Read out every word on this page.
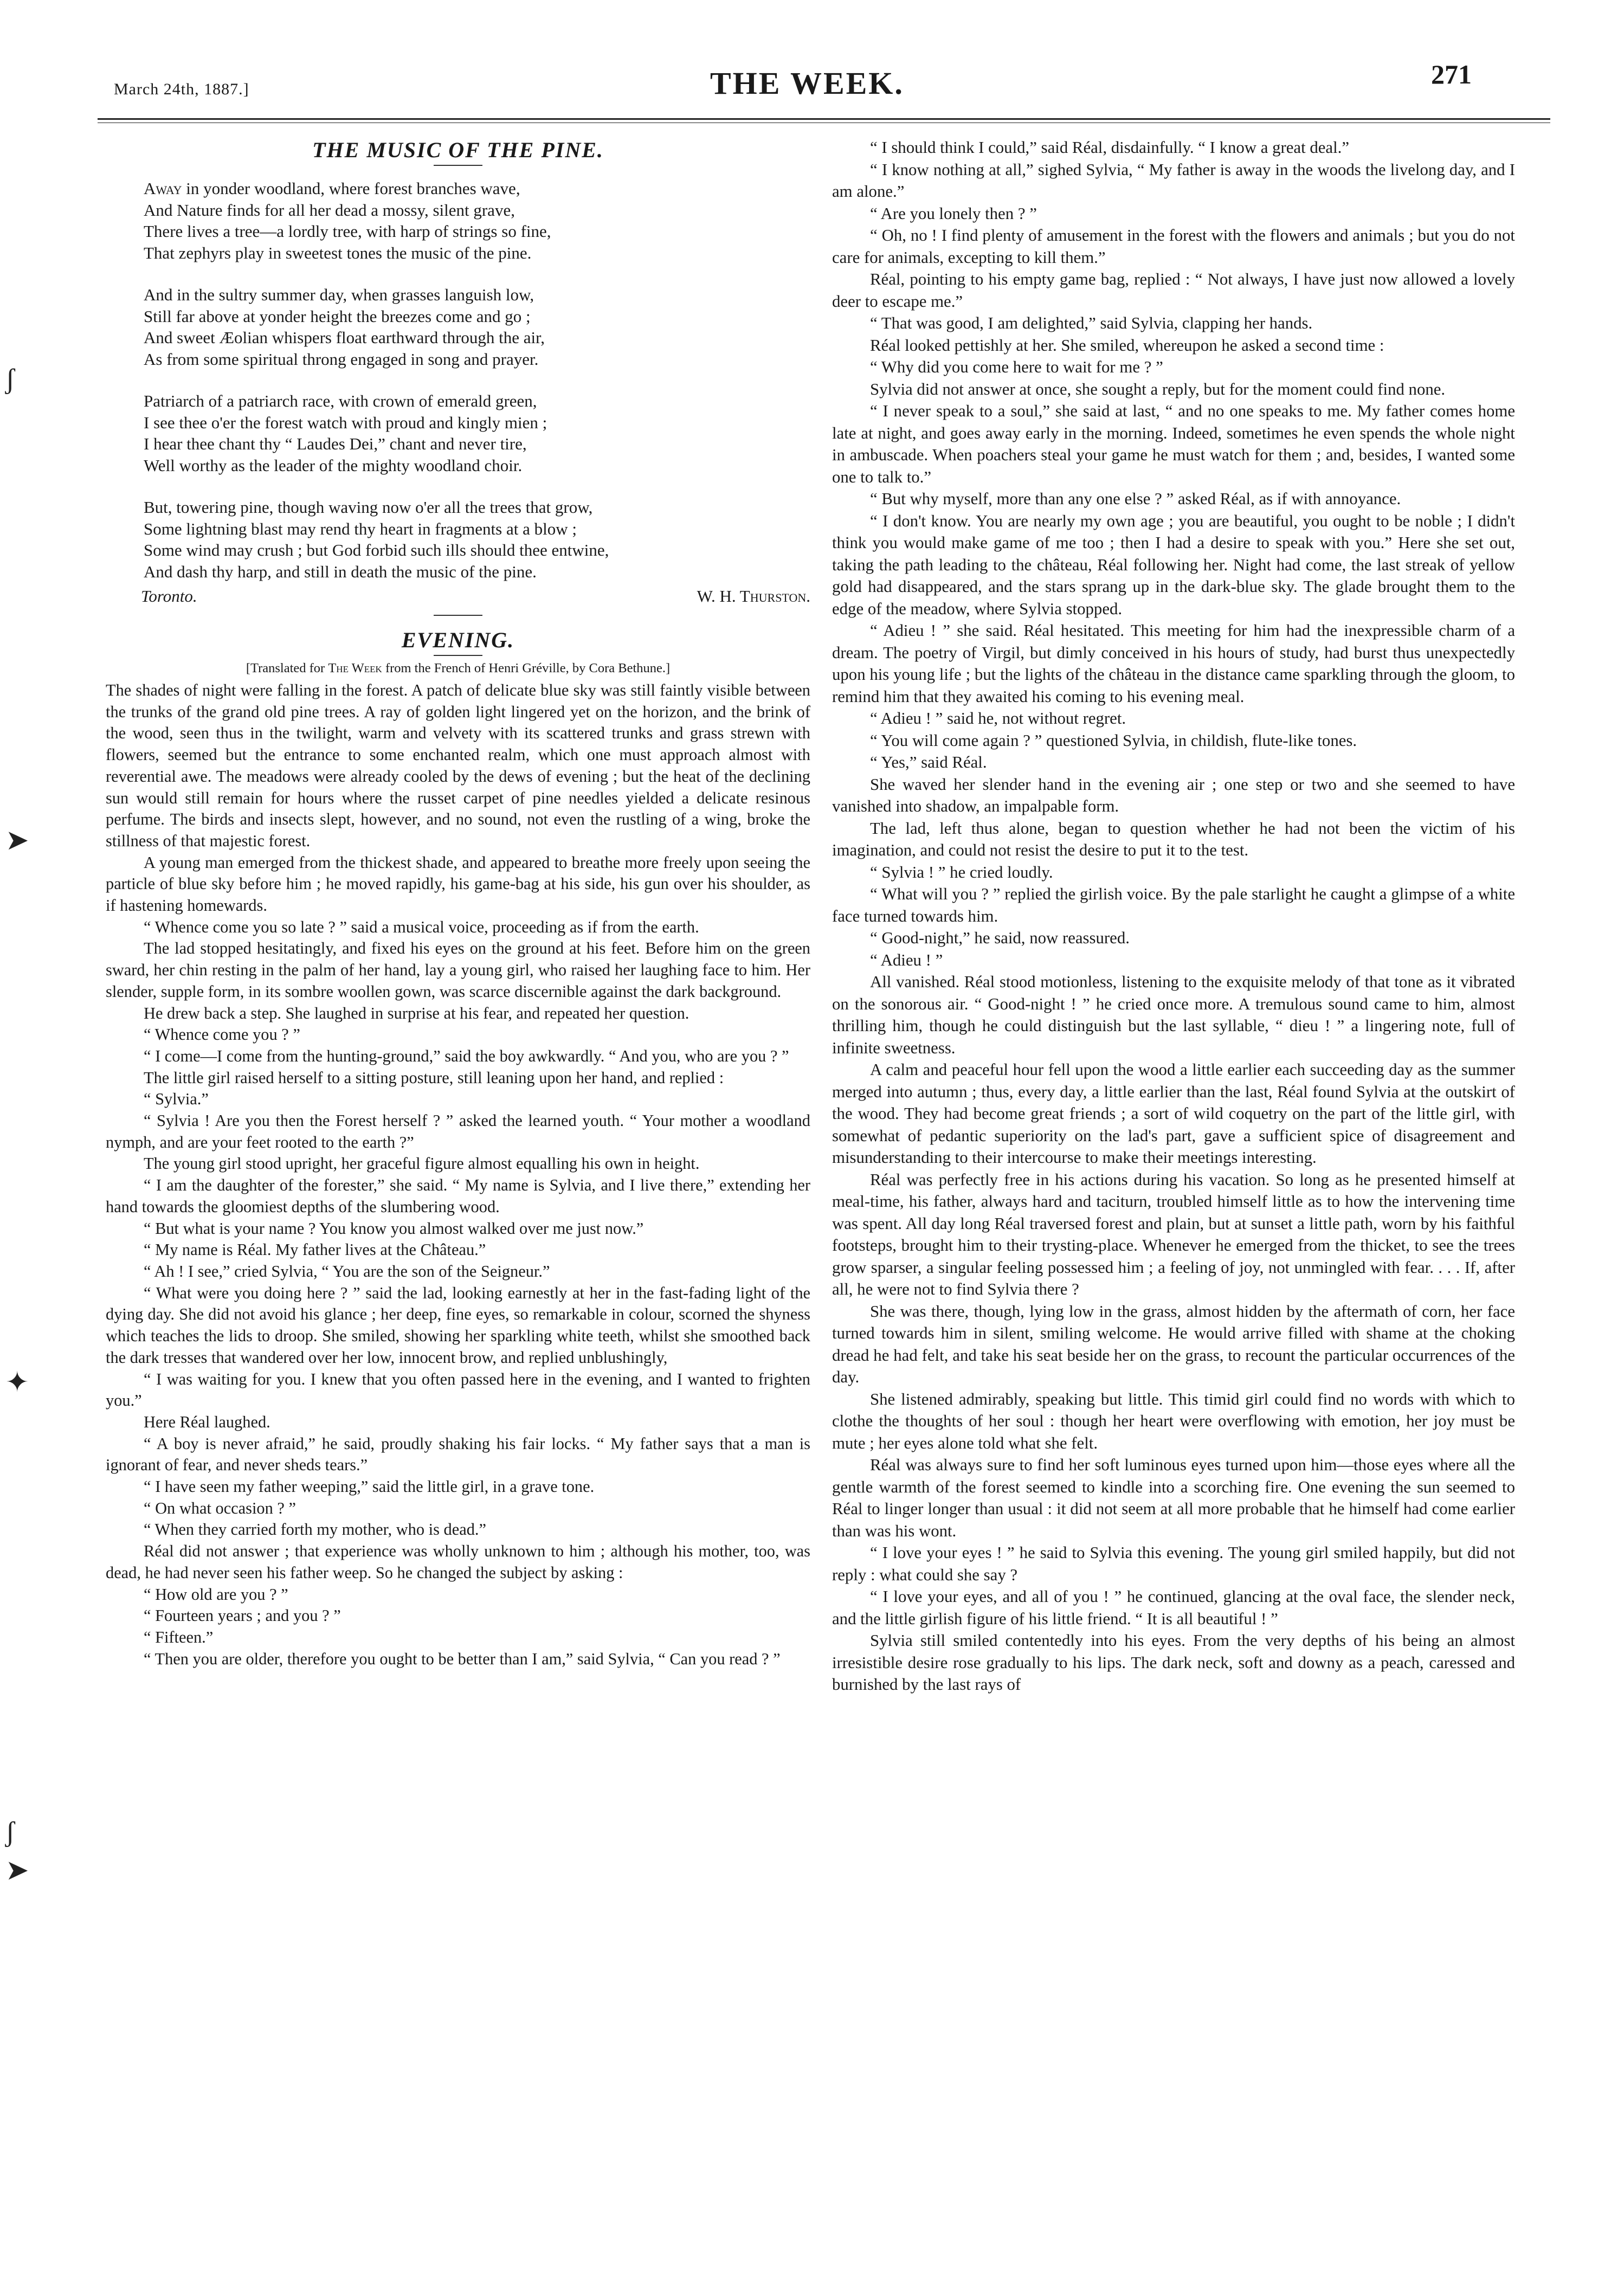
March 24th, 1887.]	THE WEEK.	271
ʃ
➤
✦
ʃ
➤
THE MUSIC OF THE PINE.
Away in yonder woodland, where forest branches wave,
And Nature finds for all her dead a mossy, silent grave,
There lives a tree—a lordly tree, with harp of strings so fine,
That zephyrs play in sweetest tones the music of the pine.
And in the sultry summer day, when grasses languish low,
Still far above at yonder height the breezes come and go ;
And sweet Æolian whispers float earthward through the air,
As from some spiritual throng engaged in song and prayer.
Patriarch of a patriarch race, with crown of emerald green,
I see thee o'er the forest watch with proud and kingly mien ;
I hear thee chant thy “ Laudes Dei,” chant and never tire,
Well worthy as the leader of the mighty woodland choir.
But, towering pine, though waving now o'er all the trees that grow,
Some lightning blast may rend thy heart in fragments at a blow ;
Some wind may crush ; but God forbid such ills should thee entwine,
And dash thy harp, and still in death the music of the pine.
Toronto.	W. H. Thurston.
EVENING.
[Translated for The Week from the French of Henri Gréville, by Cora Bethune.]

The shades of night were falling in the forest. A patch of delicate blue sky was still faintly visible between the trunks of the grand old pine trees. A ray of golden light lingered yet on the horizon, and the brink of the wood, seen thus in the twilight, warm and velvety with its scattered trunks and grass strewn with flowers, seemed but the entrance to some enchanted realm, which one must approach almost with reverential awe. The meadows were already cooled by the dews of evening ; but the heat of the declining sun would still remain for hours where the russet carpet of pine needles yielded a delicate resinous perfume. The birds and insects slept, however, and no sound, not even the rustling of a wing, broke the stillness of that majestic forest.

A young man emerged from the thickest shade, and appeared to breathe more freely upon seeing the particle of blue sky before him ; he moved rapidly, his game-bag at his side, his gun over his shoulder, as if hastening homewards.

“ Whence come you so late ? ” said a musical voice, proceeding as if from the earth.

The lad stopped hesitatingly, and fixed his eyes on the ground at his feet. Before him on the green sward, her chin resting in the palm of her hand, lay a young girl, who raised her laughing face to him. Her slender, supple form, in its sombre woollen gown, was scarce discernible against the dark background.

He drew back a step. She laughed in surprise at his fear, and repeated her question.

“ Whence come you ? ”

“ I come—I come from the hunting-ground,” said the boy awkwardly. “ And you, who are you ? ”

The little girl raised herself to a sitting posture, still leaning upon her hand, and replied :

“ Sylvia.”

“ Sylvia ! Are you then the Forest herself ? ” asked the learned youth. “ Your mother a woodland nymph, and are your feet rooted to the earth ?”

The young girl stood upright, her graceful figure almost equalling his own in height.

“ I am the daughter of the forester,” she said. “ My name is Sylvia, and I live there,” extending her hand towards the gloomiest depths of the slumbering wood.

“ But what is your name ? You know you almost walked over me just now.”

“ My name is Réal. My father lives at the Château.”

“ Ah ! I see,” cried Sylvia, “ You are the son of the Seigneur.”

“ What were you doing here ? ” said the lad, looking earnestly at her in the fast-fading light of the dying day. She did not avoid his glance ; her deep, fine eyes, so remarkable in colour, scorned the shyness which teaches the lids to droop. She smiled, showing her sparkling white teeth, whilst she smoothed back the dark tresses that wandered over her low, innocent brow, and replied unblushingly,

“ I was waiting for you. I knew that you often passed here in the evening, and I wanted to frighten you.”

Here Réal laughed.

“ A boy is never afraid,” he said, proudly shaking his fair locks. “ My father says that a man is ignorant of fear, and never sheds tears.”

“ I have seen my father weeping,” said the little girl, in a grave tone.

“ On what occasion ? ”

“ When they carried forth my mother, who is dead.”

Réal did not answer ; that experience was wholly unknown to him ; although his mother, too, was dead, he had never seen his father weep. So he changed the subject by asking :

“ How old are you ? ”

“ Fourteen years ; and you ? ”

“ Fifteen.”

“ Then you are older, therefore you ought to be better than I am,” said Sylvia, “ Can you read ? ”

“ I should think I could,” said Réal, disdainfully. “ I know a great deal.”

“ I know nothing at all,” sighed Sylvia, “ My father is away in the woods the livelong day, and I am alone.”

“ Are you lonely then ? ”

“ Oh, no ! I find plenty of amusement in the forest with the flowers and animals ; but you do not care for animals, excepting to kill them.”

Réal, pointing to his empty game bag, replied : “ Not always, I have just now allowed a lovely deer to escape me.”

“ That was good, I am delighted,” said Sylvia, clapping her hands.

Réal looked pettishly at her. She smiled, whereupon he asked a second time :

“ Why did you come here to wait for me ? ”

Sylvia did not answer at once, she sought a reply, but for the moment could find none.

“ I never speak to a soul,” she said at last, “ and no one speaks to me. My father comes home late at night, and goes away early in the morning. Indeed, sometimes he even spends the whole night in ambuscade. When poachers steal your game he must watch for them ; and, besides, I wanted some one to talk to.”

“ But why myself, more than any one else ? ” asked Réal, as if with annoyance.

“ I don't know. You are nearly my own age ; you are beautiful, you ought to be noble ; I didn't think you would make game of me too ; then I had a desire to speak with you.” Here she set out, taking the path leading to the château, Réal following her. Night had come, the last streak of yellow gold had disappeared, and the stars sprang up in the dark-blue sky. The glade brought them to the edge of the meadow, where Sylvia stopped.

“ Adieu ! ” she said. Réal hesitated. This meeting for him had the inexpressible charm of a dream. The poetry of Virgil, but dimly conceived in his hours of study, had burst thus unexpectedly upon his young life ; but the lights of the château in the distance came sparkling through the gloom, to remind him that they awaited his coming to his evening meal.

“ Adieu ! ” said he, not without regret.

“ You will come again ? ” questioned Sylvia, in childish, flute-like tones.

“ Yes,” said Réal.

She waved her slender hand in the evening air ; one step or two and she seemed to have vanished into shadow, an impalpable form.

The lad, left thus alone, began to question whether he had not been the victim of his imagination, and could not resist the desire to put it to the test.

“ Sylvia ! ” he cried loudly.

“ What will you ? ” replied the girlish voice. By the pale starlight he caught a glimpse of a white face turned towards him.

“ Good-night,” he said, now reassured.

“ Adieu ! ”

All vanished. Réal stood motionless, listening to the exquisite melody of that tone as it vibrated on the sonorous air. “ Good-night ! ” he cried once more. A tremulous sound came to him, almost thrilling him, though he could distinguish but the last syllable, “ dieu ! ” a lingering note, full of infinite sweetness.

A calm and peaceful hour fell upon the wood a little earlier each succeeding day as the summer merged into autumn ; thus, every day, a little earlier than the last, Réal found Sylvia at the outskirt of the wood. They had become great friends ; a sort of wild coquetry on the part of the little girl, with somewhat of pedantic superiority on the lad's part, gave a sufficient spice of disagreement and misunderstanding to their intercourse to make their meetings interesting.

Réal was perfectly free in his actions during his vacation. So long as he presented himself at meal-time, his father, always hard and taciturn, troubled himself little as to how the intervening time was spent. All day long Réal traversed forest and plain, but at sunset a little path, worn by his faithful footsteps, brought him to their trysting-place. Whenever he emerged from the thicket, to see the trees grow sparser, a singular feeling possessed him ; a feeling of joy, not unmingled with fear. . . . If, after all, he were not to find Sylvia there ?

She was there, though, lying low in the grass, almost hidden by the aftermath of corn, her face turned towards him in silent, smiling welcome. He would arrive filled with shame at the choking dread he had felt, and take his seat beside her on the grass, to recount the particular occurrences of the day.

She listened admirably, speaking but little. This timid girl could find no words with which to clothe the thoughts of her soul : though her heart were overflowing with emotion, her joy must be mute ; her eyes alone told what she felt.

Réal was always sure to find her soft luminous eyes turned upon him—those eyes where all the gentle warmth of the forest seemed to kindle into a scorching fire. One evening the sun seemed to Réal to linger longer than usual : it did not seem at all more probable that he himself had come earlier than was his wont.

“ I love your eyes ! ” he said to Sylvia this evening. The young girl smiled happily, but did not reply : what could she say ?

“ I love your eyes, and all of you ! ” he continued, glancing at the oval face, the slender neck, and the little girlish figure of his little friend. “ It is all beautiful ! ”

Sylvia still smiled contentedly into his eyes. From the very depths of his being an almost irresistible desire rose gradually to his lips. The dark neck, soft and downy as a peach, caressed and burnished by the last rays of
